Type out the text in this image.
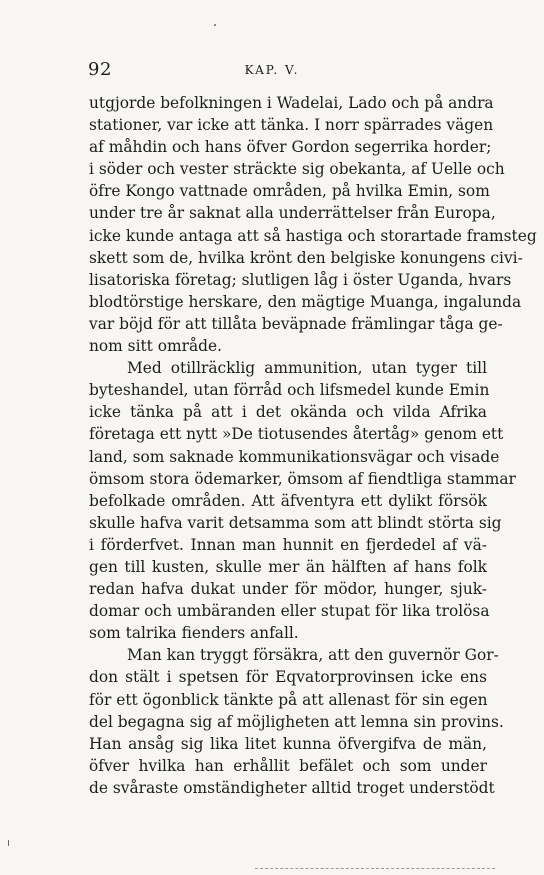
92	KAP. V.
utgjorde befolkningen i Wadelai, Lado och på andra
stationer, var icke att tänka. I norr spärrades vägen
af måhdin och hans öfver Gordon segerrika horder;
i söder och vester sträckte sig obekanta, af Uelle och
öfre Kongo vattnade områden, på hvilka Emin, som
under tre år saknat alla underrättelser från Europa,
icke kunde antaga att så hastiga och storartade framsteg
skett som de, hvilka krönt den belgiske konungens civi-
lisatoriska företag; slutligen låg i öster Uganda, hvars
blodtörstige herskare, den mägtige Muanga, ingalunda
var böjd för att tillåta beväpnade främlingar tåga ge-
nom sitt område.
Med otillräcklig ammunition, utan tyger till
byteshandel, utan förråd och lifsmedel kunde Emin
icke tänka på att i det okända och vilda Afrika
företaga ett nytt »De tiotusendes återtåg» genom ett
land, som saknade kommunikationsvägar och visade
ömsom stora ödemarker, ömsom af fiendtliga stammar
befolkade områden. Att äfventyra ett dylikt försök
skulle hafva varit detsamma som att blindt störta sig
i förderfvet. Innan man hunnit en fjerdedel af vä-
gen till kusten, skulle mer än hälften af hans folk
redan hafva dukat under för mödor, hunger, sjuk-
domar och umbäranden eller stupat för lika trolösa
som talrika fienders anfall.
Man kan tryggt försäkra, att den guvernör Gor-
don stält i spetsen för Eqvatorprovinsen icke ens
för ett ögonblick tänkte på att allenast för sin egen
del begagna sig af möjligheten att lemna sin provins.
Han ansåg sig lika litet kunna öfvergifva de män,
öfver hvilka han erhållit befälet och som under
de svåraste omständigheter alltid troget understödt
